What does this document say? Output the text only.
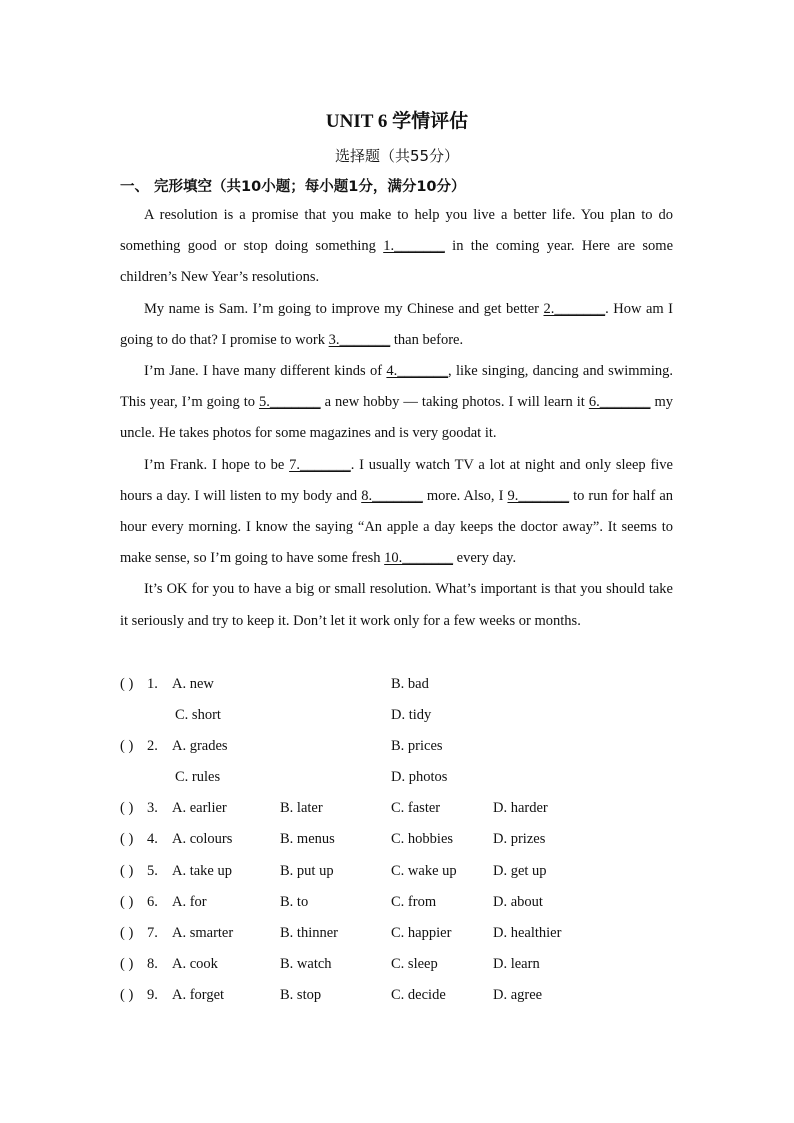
UNIT 6 学情评估
选择题（共55分）
一、 完形填空（共10小题；每小题1分，满分10分）

A resolution is a promise that you make to help you live a better life. You plan to do something good or stop doing something 1._______ in the coming year. Here are some children’s New Year’s resolutions.

My name is Sam. I’m going to improve my Chinese and get better 2._______. How am I going to do that? I promise to work 3._______ than before.

I’m Jane. I have many different kinds of 4._______, like singing, dancing and swimming. This year, I’m going to 5._______ a new hobby — taking photos. I will learn it 6._______ my uncle. He takes photos for some magazines and is very goodat it.

I’m Frank. I hope to be 7._______. I usually watch TV a lot at night and only sleep five hours a day. I will listen to my body and 8._______ more. Also, I 9._______ to run for half an hour every morning. I know the saying “An apple a day keeps the doctor away”. It seems to make sense, so I’m going to have some fresh 10._______ every day.

It’s OK for you to have a big or small resolution. What’s important is that you should take it seriously and try to keep it. Don’t let it work only for a few weeks or months.

( ) 1. A. new	B. bad
C. short	D. tidy
( ) 2. A. grades	B. prices
C. rules	D. photos
( ) 3. A. earlier	B. later	C. faster	D. harder
( ) 4. A. colours	B. menus	C. hobbies	D. prizes
( ) 5. A. take up	B. put up	C. wake up	D. get up
( ) 6. A. for	B. to	C. from	D. about
( ) 7. A. smarter	B. thinner	C. happier	D. healthier
( ) 8. A. cook	B. watch	C. sleep	D. learn
( ) 9. A. forget	B. stop	C. decide	D. agree
